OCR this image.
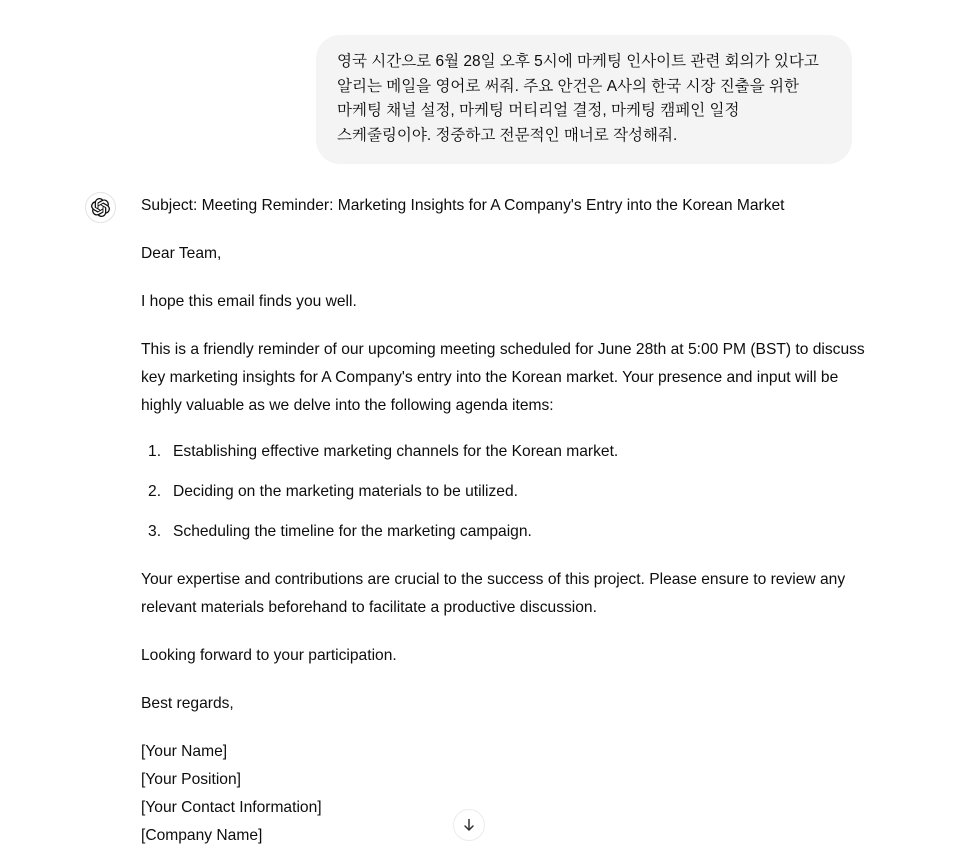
영국 시간으로 6월 28일 오후 5시에 마케팅 인사이트 관련 회의가 있다고 알리는 메일을 영어로 써줘. 주요 안건은 A사의 한국 시장 진출을 위한 마케팅 채널 설정, 마케팅 머티리얼 결정, 마케팅 캠페인 일정 스케줄링이야. 정중하고 전문적인 매너로 작성해줘.

Subject: Meeting Reminder: Marketing Insights for A Company's Entry into the Korean Market

Dear Team,

I hope this email finds you well.

This is a friendly reminder of our upcoming meeting scheduled for June 28th at 5:00 PM (BST) to discuss key marketing insights for A Company's entry into the Korean market. Your presence and input will be highly valuable as we delve into the following agenda items:

Establishing effective marketing channels for the Korean market.
Deciding on the marketing materials to be utilized.
Scheduling the timeline for the marketing campaign.

Your expertise and contributions are crucial to the success of this project. Please ensure to review any relevant materials beforehand to facilitate a productive discussion.

Looking forward to your participation.

Best regards,

[Your Name]
[Your Position]
[Your Contact Information]
[Company Name]
